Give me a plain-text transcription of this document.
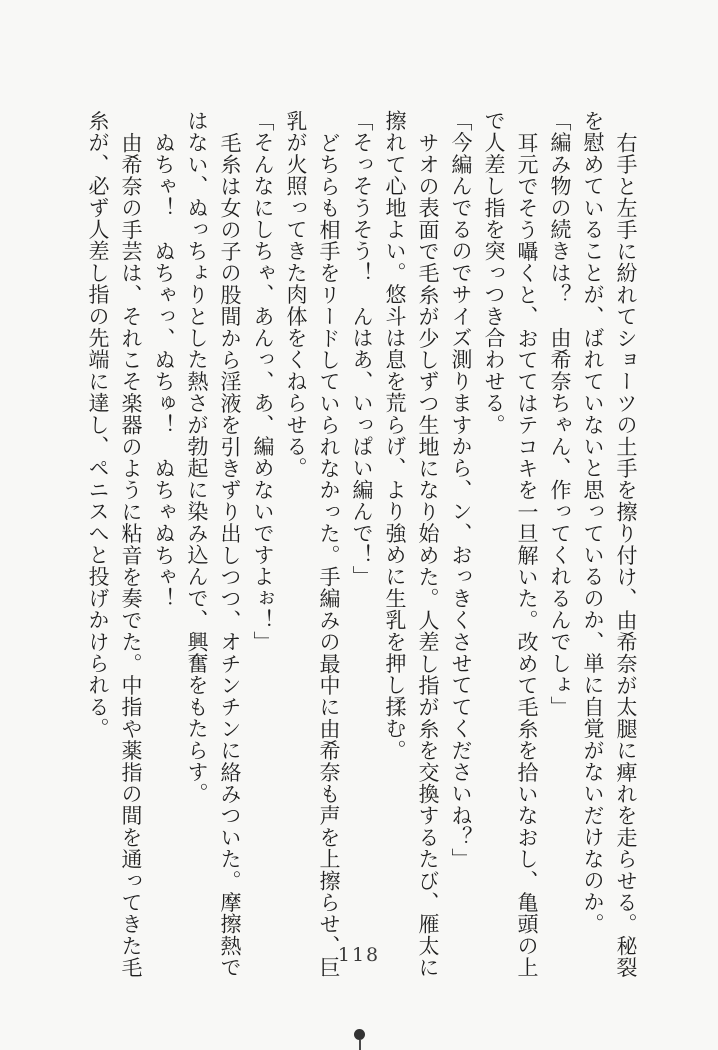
右手と左手に紛れてショーツの土手を擦り付け、由希奈が太腿に痺れを走らせる。秘裂

を慰めていることが、ばれていないと思っているのか、単に自覚がないだけなのか。

「編み物の続きは？　由希奈ちゃん、作ってくれるんでしょ」

耳元でそう囁くと、おててはテコキを一旦解いた。改めて毛糸を拾いなおし、亀頭の上

で人差し指を突っつき合わせる。

「今編んでるのでサイズ測りますから、ン、おっきくさせててくださいね？」

サオの表面で毛糸が少しずつ生地になり始めた。人差し指が糸を交換するたび、雁太に

擦れて心地よい。悠斗は息を荒らげ、より強めに生乳を押し揉む。

「そっそうそう！　んはあ、いっぱい編んで！」

どちらも相手をリードしていられなかった。手編みの最中に由希奈も声を上擦らせ、巨

乳が火照ってきた肉体をくねらせる。

「そんなにしちゃ、あんっ、あ、編めないですよぉ！」

毛糸は女の子の股間から淫液を引きずり出しつつ、オチンチンに絡みついた。摩擦熱で

はない、ぬっちょりとした熱さが勃起に染み込んで、興奮をもたらす。

ぬちゃ！　ぬちゃっ、ぬちゅ！　ぬちゃぬちゃ！

由希奈の手芸は、それこそ楽器のように粘音を奏でた。中指や薬指の間を通ってきた毛

糸が、必ず人差し指の先端に達し、ペニスへと投げかけられる。

118
